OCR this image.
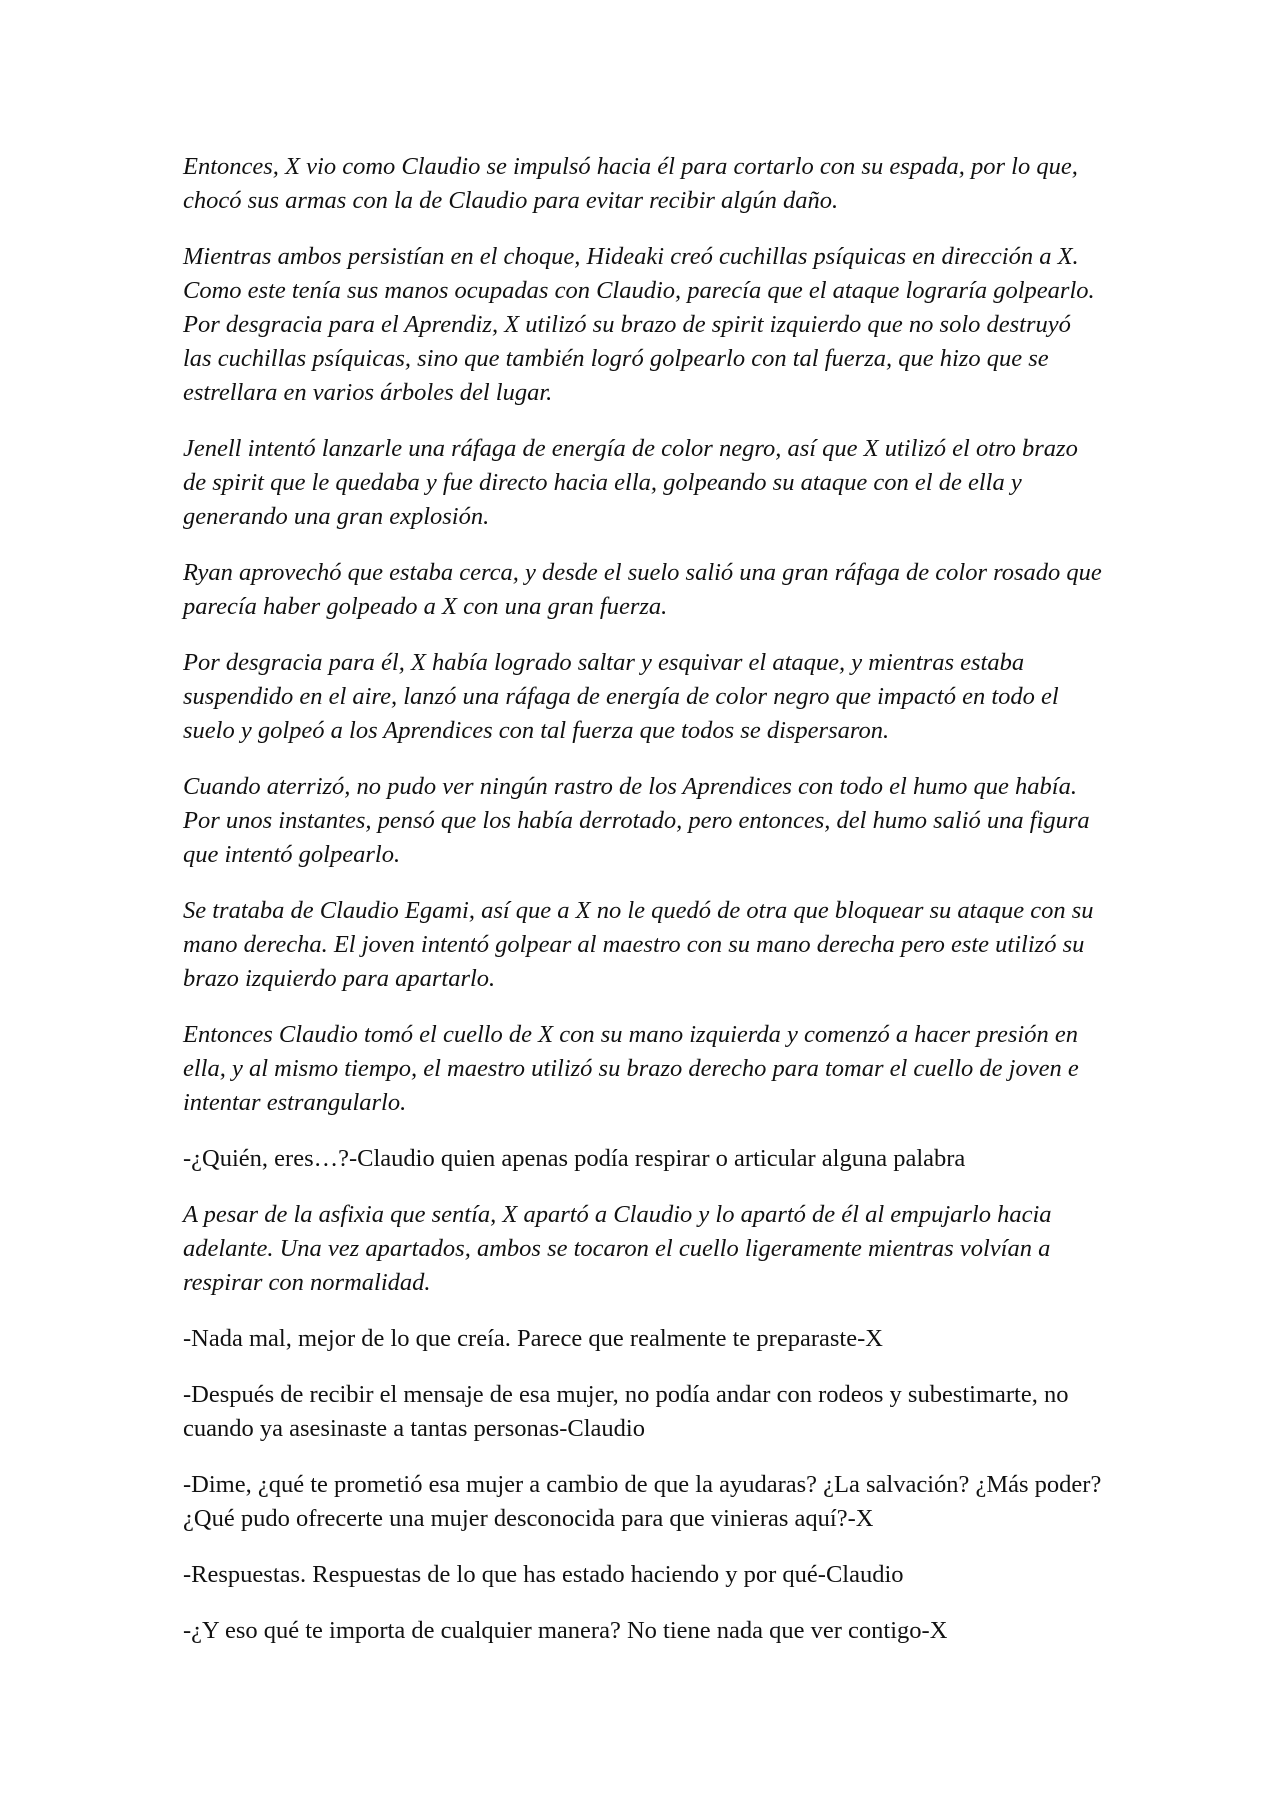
Entonces, X vio como Claudio se impulsó hacia él para cortarlo con su espada, por lo que, chocó sus armas con la de Claudio para evitar recibir algún daño.

Mientras ambos persistían en el choque, Hideaki creó cuchillas psíquicas en dirección a X. Como este tenía sus manos ocupadas con Claudio, parecía que el ataque lograría golpearlo. Por desgracia para el Aprendiz, X utilizó su brazo de spirit izquierdo que no solo destruyó las cuchillas psíquicas, sino que también logró golpearlo con tal fuerza, que hizo que se estrellara en varios árboles del lugar.

Jenell intentó lanzarle una ráfaga de energía de color negro, así que X utilizó el otro brazo de spirit que le quedaba y fue directo hacia ella, golpeando su ataque con el de ella y generando una gran explosión.

Ryan aprovechó que estaba cerca, y desde el suelo salió una gran ráfaga de color rosado que parecía haber golpeado a X con una gran fuerza.

Por desgracia para él, X había logrado saltar y esquivar el ataque, y mientras estaba suspendido en el aire, lanzó una ráfaga de energía de color negro que impactó en todo el suelo y golpeó a los Aprendices con tal fuerza que todos se dispersaron.

Cuando aterrizó, no pudo ver ningún rastro de los Aprendices con todo el humo que había. Por unos instantes, pensó que los había derrotado, pero entonces, del humo salió una figura que intentó golpearlo.

Se trataba de Claudio Egami, así que a X no le quedó de otra que bloquear su ataque con su mano derecha. El joven intentó golpear al maestro con su mano derecha pero este utilizó su brazo izquierdo para apartarlo.

Entonces Claudio tomó el cuello de X con su mano izquierda y comenzó a hacer presión en ella, y al mismo tiempo, el maestro utilizó su brazo derecho para tomar el cuello de joven e intentar estrangularlo.

-¿Quién, eres…?-Claudio quien apenas podía respirar o articular alguna palabra

A pesar de la asfixia que sentía, X apartó a Claudio y lo apartó de él al empujarlo hacia adelante. Una vez apartados, ambos se tocaron el cuello ligeramente mientras volvían a respirar con normalidad.

-Nada mal, mejor de lo que creía. Parece que realmente te preparaste-X

-Después de recibir el mensaje de esa mujer, no podía andar con rodeos y subestimarte, no cuando ya asesinaste a tantas personas-Claudio

-Dime, ¿qué te prometió esa mujer a cambio de que la ayudaras? ¿La salvación? ¿Más poder? ¿Qué pudo ofrecerte una mujer desconocida para que vinieras aquí?-X

-Respuestas. Respuestas de lo que has estado haciendo y por qué-Claudio

-¿Y eso qué te importa de cualquier manera? No tiene nada que ver contigo-X
